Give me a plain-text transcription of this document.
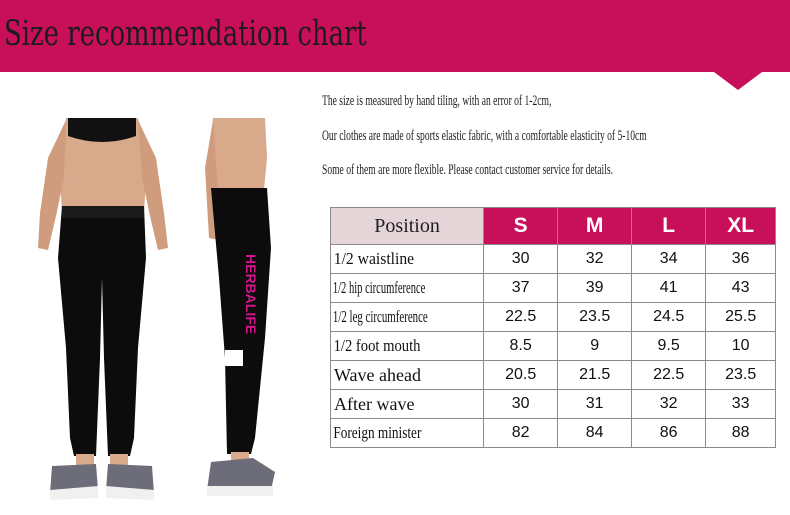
Size recommendation chart
The size is measured by hand tiling, with an error of 1-2cm,
Our clothes are made of sports elastic fabric, with a comfortable elasticity of 5-10cm
Some of them are more flexible. Please contact customer service for details.
HERBALIFE
Position	S	M	L	XL
1/2 waistline	30	32	34	36
1/2 hip circumference	37	39	41	43
1/2 leg circumference	22.5	23.5	24.5	25.5
1/2 foot mouth	8.5	9	9.5	10
Wave ahead	20.5	21.5	22.5	23.5
After wave	30	31	32	33
Foreign minister	82	84	86	88
